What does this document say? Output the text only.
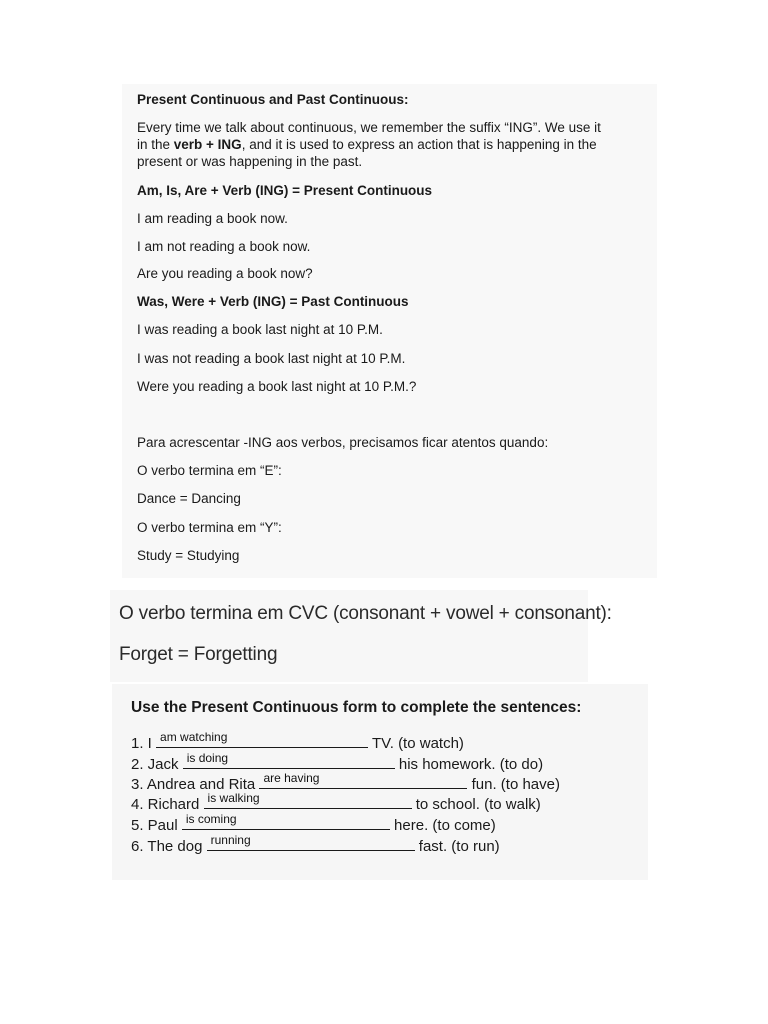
Present Continuous and Past Continuous:
Every time we talk about continuous, we remember the suffix “ING”. We use it
in the verb + ING, and it is used to express an action that is happening in the
present or was happening in the past.
Am, Is, Are + Verb (ING) = Present Continuous
I am reading a book now.
I am not reading a book now.
Are you reading a book now?
Was, Were + Verb (ING) = Past Continuous
I was reading a book last night at 10 P.M.
I was not reading a book last night at 10 P.M.
Were you reading a book last night at 10 P.M.?
Para acrescentar -ING aos verbos, precisamos ficar atentos quando:
O verbo termina em “E”:
Dance = Dancing
O verbo termina em “Y”:
Study = Studying
O verbo termina em CVC (consonant + vowel + consonant):
Forget = Forgetting
Use the Present Continuous form to complete the sentences:
1. I am watching	TV. (to watch)
2. Jack is doing	his homework. (to do)
3. Andrea and Rita are having	fun. (to have)
4. Richard is walking	to school. (to walk)
5. Paul is coming	here. (to come)
6. The dog running	fast. (to run)
